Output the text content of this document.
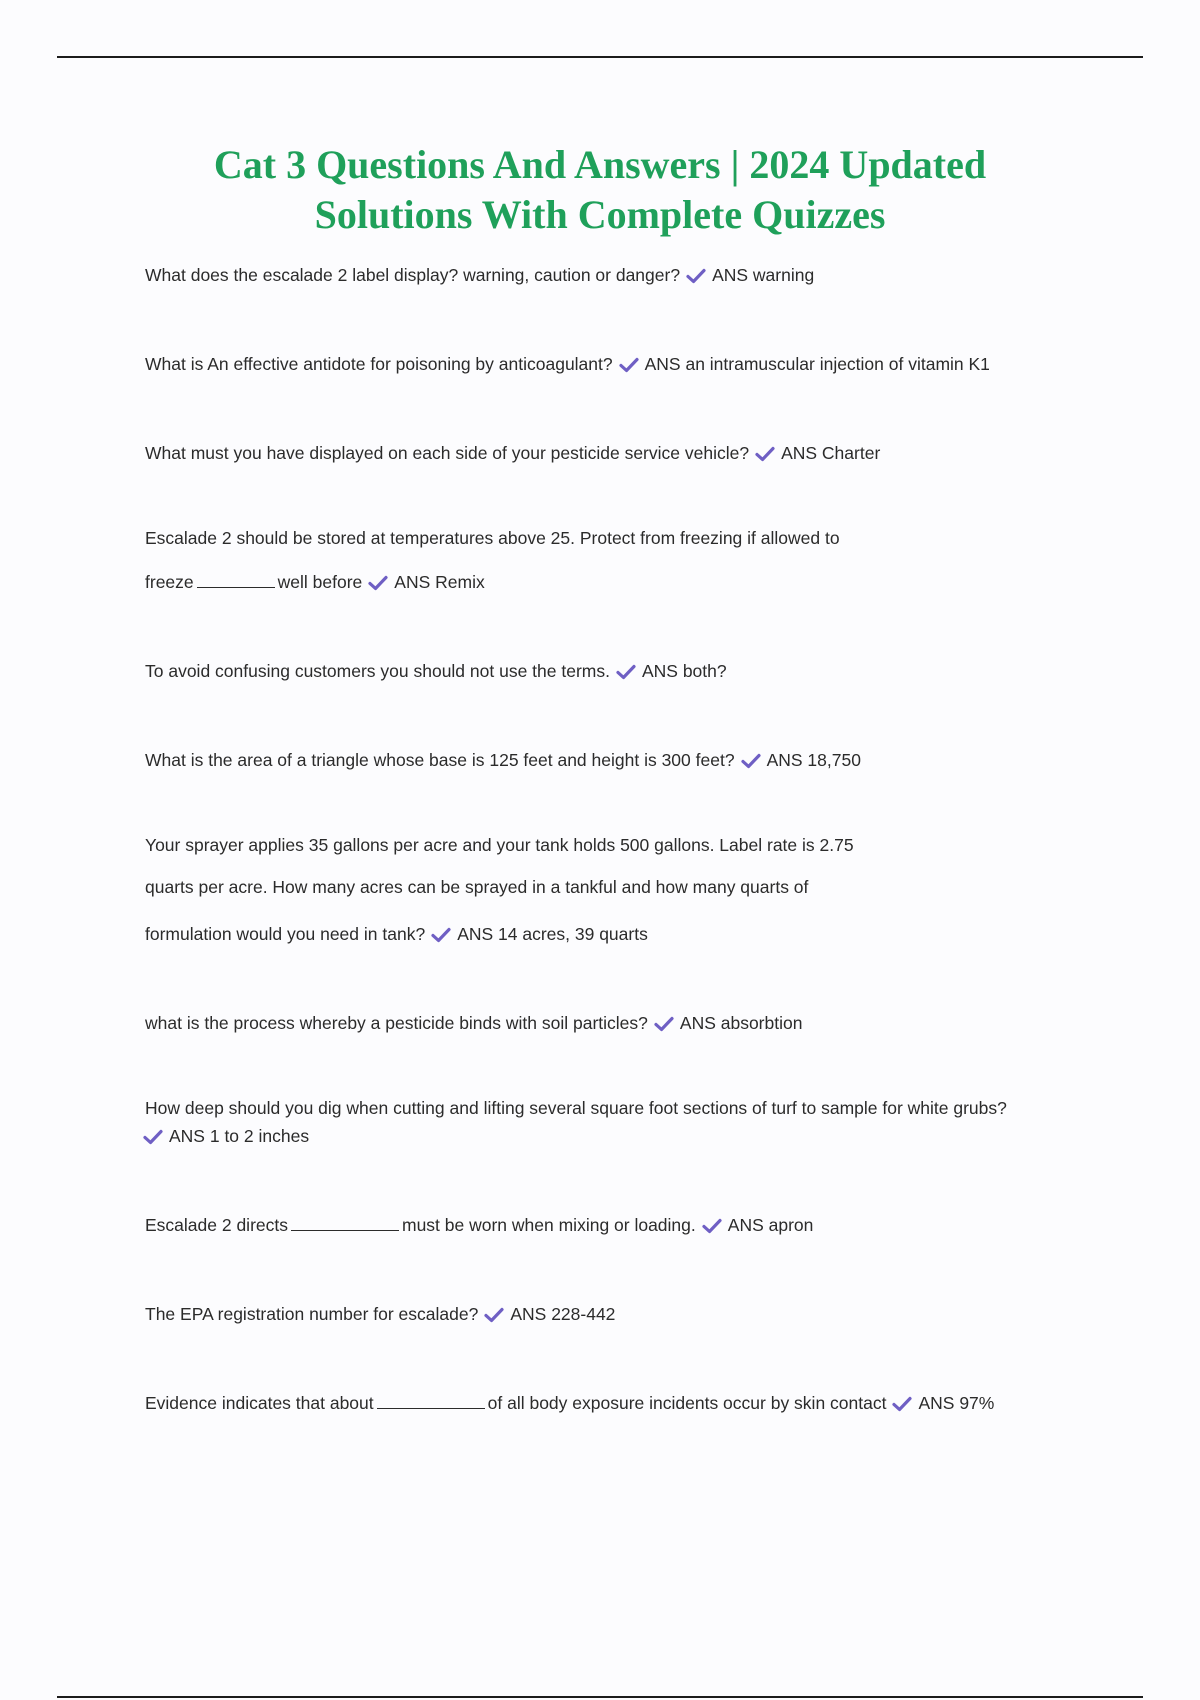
Cat 3 Questions And Answers | 2024 Updated
Solutions With Complete Quizzes
What does the escalade 2 label display? warning, caution or danger? ANS warning
What is An effective antidote for poisoning by anticoagulant? ANS an intramuscular injection of vitamin K1
What must you have displayed on each side of your pesticide service vehicle? ANS Charter
Escalade 2 should be stored at temperatures above 25. Protect from freezing if allowed to
freeze	well before ANS Remix
To avoid confusing customers you should not use the terms. ANS both?
What is the area of a triangle whose base is 125 feet and height is 300 feet? ANS 18,750
Your sprayer applies 35 gallons per acre and your tank holds 500 gallons. Label rate is 2.75
quarts per acre. How many acres can be sprayed in a tankful and how many quarts of
formulation would you need in tank? ANS 14 acres, 39 quarts
what is the process whereby a pesticide binds with soil particles? ANS absorbtion
How deep should you dig when cutting and lifting several square foot sections of turf to sample for white grubs?
ANS 1 to 2 inches
Escalade 2 directs	must be worn when mixing or loading. ANS apron
The EPA registration number for escalade? ANS 228-442
Evidence indicates that about	of all body exposure incidents occur by skin contact ANS 97%
